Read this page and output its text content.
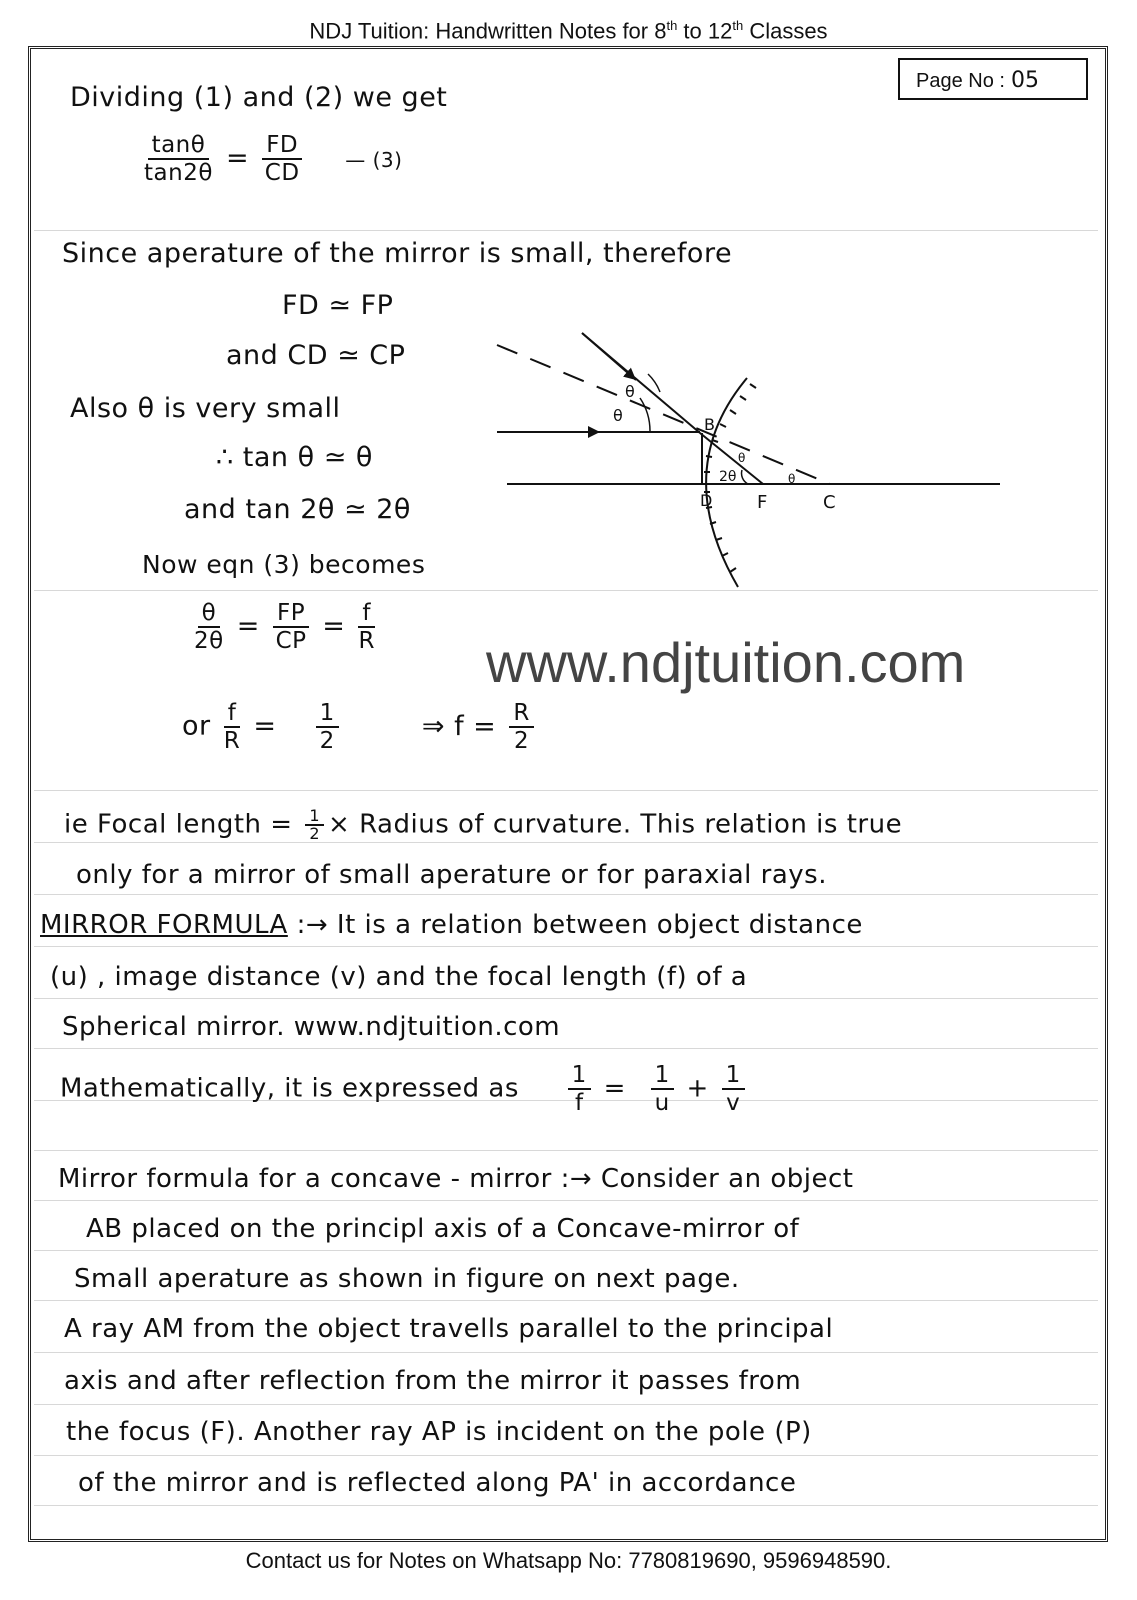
NDJ Tuition: Handwritten Notes for 8th to 12th Classes
Page No : 05
Dividing (1) and (2) we get
$\frac{\tan\theta}{\tan 2\theta} = \frac{FD}{CD}$ — (3)
Since aperature of the mirror is small, therefore
FD ≃ FP
and CD ≃ CP
Also θ is very small
∴ tan θ ≃ θ
and tan 2θ ≃ 2θ
Now eqn (3) becomes
$\frac{\theta}{2\theta} = \frac{FP}{CP} = \frac{f}{R}$
or $\frac{f}{R} = \frac{1}{2}$	⇒ $f = \frac{R}{2}$
ie Focal length = $\frac{1}{2}$ × Radius of curvature. This relation is true
only for a mirror of small aperature or for paraxial rays.
MIRROR FORMULA :→ It is a relation between object distance
(u) , image distance (v) and the focal length (f) of a
Spherical mirror. www.ndjtuition.com
Mathematically, it is expressed as $\frac{1}{f} = \frac{1}{u} + \frac{1}{v}$
Mirror formula for a concave - mirror :→ Consider an object
AB placed on the principl axis of a Concave-mirror of
Small aperature as shown in figure on next page.
A ray AM from the object travells parallel to the principal
axis and after reflection from the mirror it passes from
the focus (F). Another ray AP is incident on the pole (P)
of the mirror and is reflected along PA' in accordance
www.ndjtuition.com
B
D F	C
θ
θ
θ
θ
2θ
Contact us for Notes on Whatsapp No: 7780819690, 9596948590.
